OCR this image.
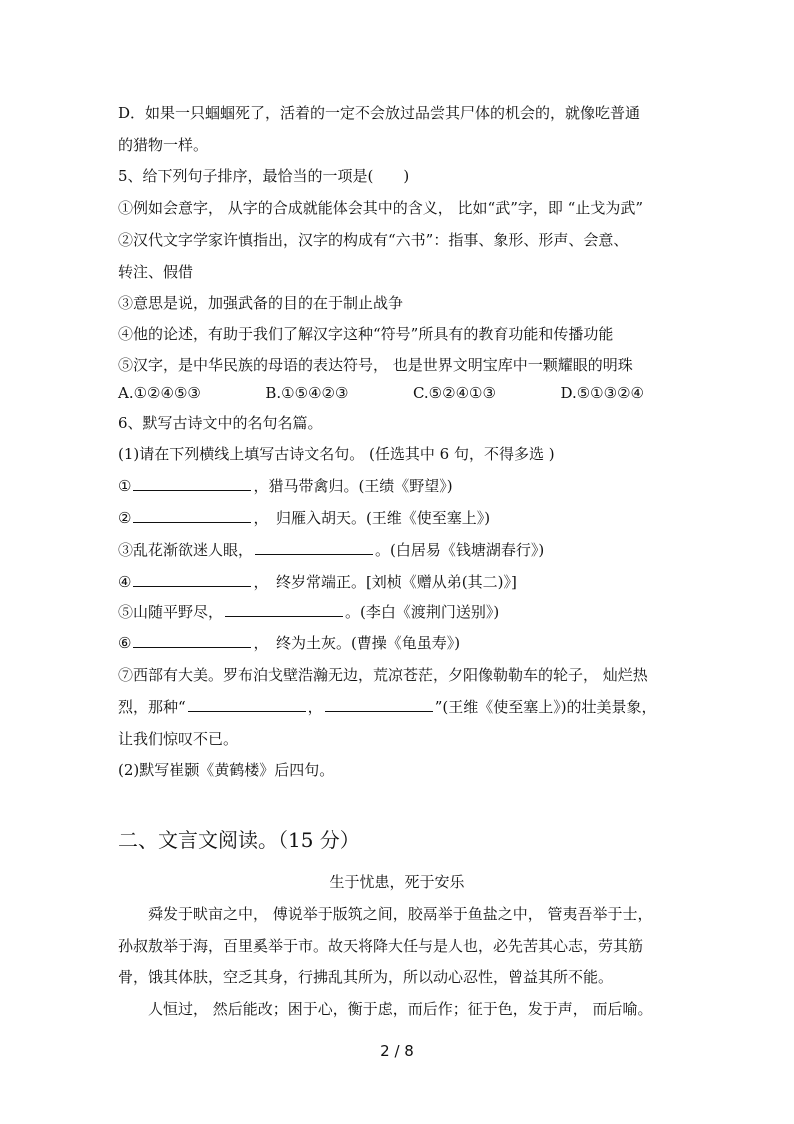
D．如果一只蝈蝈死了，活着的一定不会放过品尝其尸体的机会的，就像吃普通
的猎物一样。
5、给下列句子排序，最恰当的一项是(　　)
①例如会意字， 从字的合成就能体会其中的含义， 比如“武”字，即 “止戈为武”
②汉代文字学家许慎指出，汉字的构成有“六书”：指事、象形、形声、会意、
转注、假借
③意思是说，加强武备的目的在于制止战争
④他的论述，有助于我们了解汉字这种“符号”所具有的教育功能和传播功能
⑤汉字，是中华民族的母语的表达符号， 也是世界文明宝库中一颗耀眼的明珠
A.①②④⑤③	B.①⑤④②③	C.⑤②④①③	D.⑤①③②④
6、默写古诗文中的名句名篇。
(1)请在下列横线上填写古诗文名句。 (任选其中 6 句，不得多选 )
①	，猎马带禽归。(王绩《野望》)
②	，　归雁入胡天。(王维《使至塞上》)
③乱花渐欲迷人眼，	。(白居易《钱塘湖春行》)
④	，　终岁常端正。[刘桢《赠从弟(其二)》]
⑤山随平野尽，	。(李白《渡荆门送别》)
⑥	，　终为土灰。(曹操《龟虽寿》)
⑦西部有大美。罗布泊戈壁浩瀚无边，荒凉苍茫，夕阳像勒勒车的轮子， 灿烂热
烈，那种“	，	”(王维《使至塞上》)的壮美景象，
让我们惊叹不已。
(2)默写崔颢《黄鹤楼》后四句。
二、文言文阅读。（15 分）
生于忧患，死于安乐
舜发于畎亩之中， 傅说举于版筑之间，胶鬲举于鱼盐之中， 管夷吾举于士，
孙叔敖举于海，百里奚举于市。故天将降大任与是人也，必先苦其心志，劳其筋
骨，饿其体肤，空乏其身，行拂乱其所为，所以动心忍性，曾益其所不能。
人恒过， 然后能改；困于心，衡于虑，而后作；征于色，发于声， 而后喻。
2 / 8
